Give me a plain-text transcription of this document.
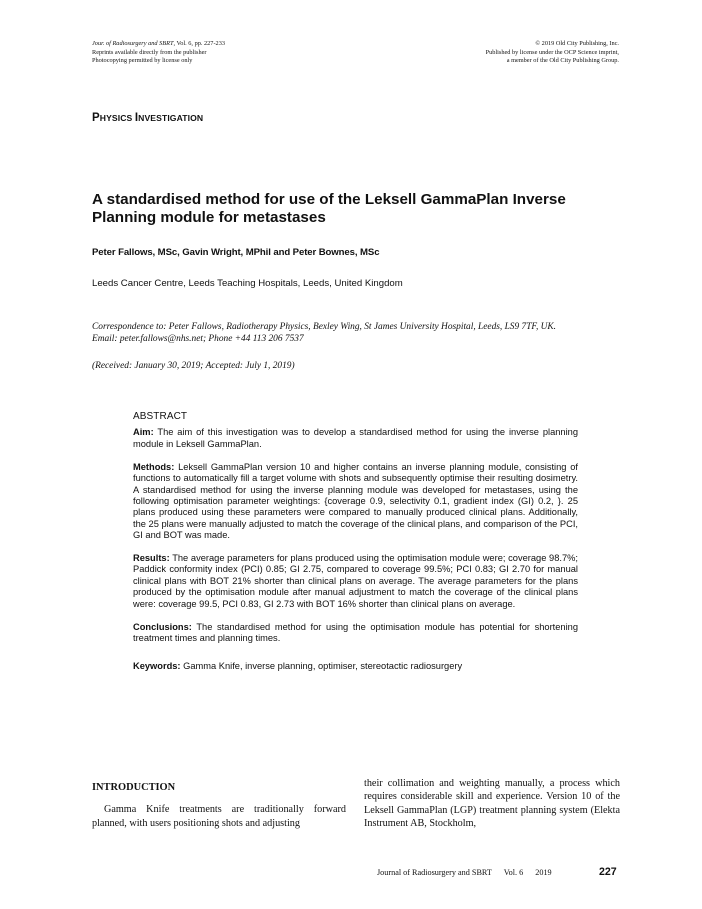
Jour. of Radiosurgery and SBRT, Vol. 6, pp. 227-233
Reprints available directly from the publisher
Photocopying permitted by license only
© 2019 Old City Publishing, Inc.
Published by license under the OCP Science imprint,
a member of the Old City Publishing Group.
PHYSICS INVESTIGATION
A standardised method for use of the Leksell GammaPlan Inverse Planning module for metastases
Peter Fallows, MSc, Gavin Wright, MPhil and Peter Bownes, MSc
Leeds Cancer Centre, Leeds Teaching Hospitals, Leeds, United Kingdom
Correspondence to: Peter Fallows, Radiotherapy Physics, Bexley Wing, St James University Hospital, Leeds, LS9 7TF, UK.
Email: peter.fallows@nhs.net; Phone +44 113 206 7537
(Received: January 30, 2019; Accepted: July 1, 2019)
ABSTRACT

Aim: The aim of this investigation was to develop a standardised method for using the inverse planning module in Leksell GammaPlan.

Methods: Leksell GammaPlan version 10 and higher contains an inverse planning module, consisting of functions to automatically fill a target volume with shots and subsequently optimise their resulting dosimetry. A standardised method for using the inverse planning module was developed for metastases, using the following optimisation parameter weightings: {coverage 0.9, selectivity 0.1, gradient index (GI) 0.2, }. 25 plans produced using these parameters were compared to manually produced clinical plans. Additionally, the 25 plans were manually adjusted to match the coverage of the clinical plans, and comparison of the PCI, GI and BOT was made.

Results: The average parameters for plans produced using the optimisation module were; coverage 98.7%; Paddick conformity index (PCI) 0.85; GI 2.75, compared to coverage 99.5%; PCI 0.83; GI 2.70 for manual clinical plans with BOT 21% shorter than clinical plans on average. The average parameters for the plans produced by the optimisation module after manual adjustment to match the coverage of the clinical plans were: coverage 99.5, PCI 0.83, GI 2.73 with BOT 16% shorter than clinical plans on average.

Conclusions: The standardised method for using the optimisation module has potential for shortening treatment times and planning times.

Keywords: Gamma Knife, inverse planning, optimiser, stereotactic radiosurgery

INTRODUCTION

Gamma Knife treatments are traditionally forward planned, with users positioning shots and adjusting

their collimation and weighting manually, a process which requires considerable skill and experience. Version 10 of the Leksell GammaPlan (LGP) treatment planning system (Elekta Instrument AB, Stockholm,

Journal of Radiosurgery and SBRT Vol. 6 2019	227
